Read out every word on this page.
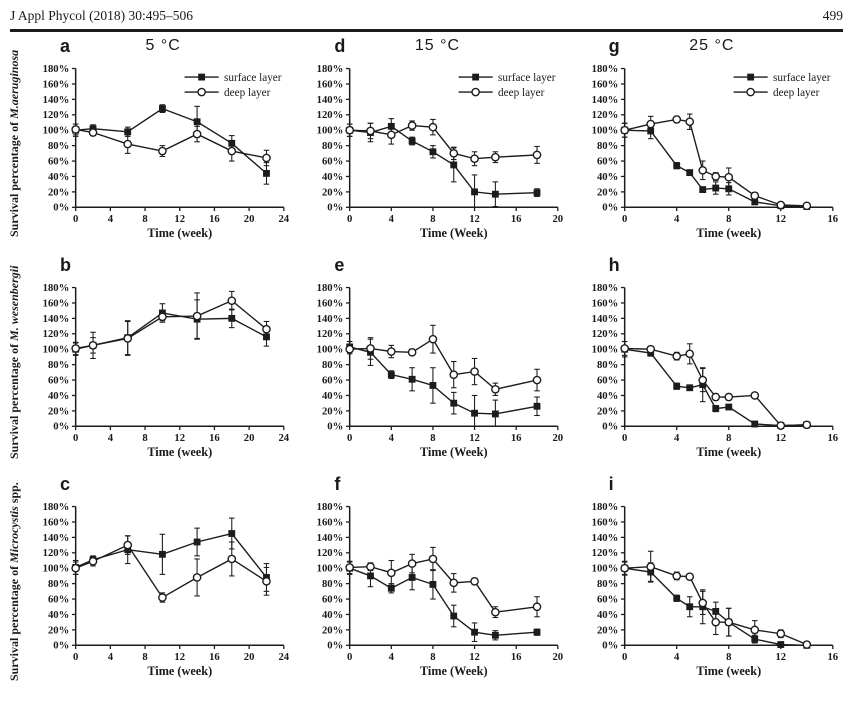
J Appl Phycol (2018) 30:495–506	499
Survival percentage of M.aeruginosa
a	5 °C
0%
20%
40%
60%
80%
100%
120%
140%
160%
180%
0	4	8	12 16 20 24
Time (week)
surface layer
deep layer
d	15 °C
0%
20%
40%
60%
80%
100%
120%
140%
160%
180%
0	4	8	12	16	20
Time (Week)
surface layer
deep layer
g	25 °C
0%
20%
40%
60%
80%
100%
120%
140%
160%
180%
0	4	8	12	16
Time (week)
surface layer
deep layer
Survival percentage of M. wesenbergii
b
0%
20%
40%
60%
80%
100%
120%
140%
160%
180%
0	4	8	12 16 20 24
Time (week)
e
0%
20%
40%
60%
80%
100%
120%
140%
160%
180%
0	4	8	12	16	20
Time (Week)
h
0%
20%
40%
60%
80%
100%
120%
140%
160%
180%
0	4	8	12	16
Time (week)
Survival percentage of Microcystis spp. c
0%
20%
40%
60%
80%
100%
120%
140%
160%
180%
0	4	8	12 16 20 24
Time (week)
f
0%
20%
40%
60%
80%
100%
120%
140%
160%
180%
0	4	8	12	16	20
Time (Week)
i
0%
20%
40%
60%
80%
100%
120%
140%
160%
180%
0	4	8	12	16
Time (week)
